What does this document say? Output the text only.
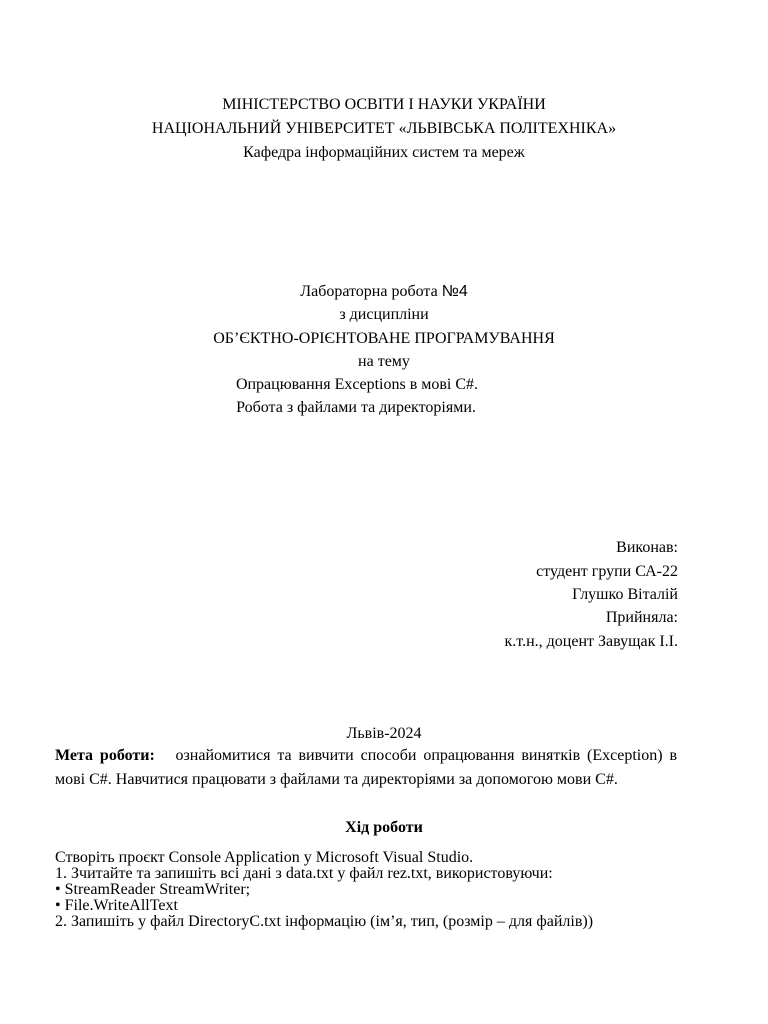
МІНІСТЕРСТВО ОСВІТИ І НАУКИ УКРАЇНИ
НАЦІОНАЛЬНИЙ УНІВЕРСИТЕТ «ЛЬВІВСЬКА ПОЛІТЕХНІКА»
Кафедра інформаційних систем та мереж
Лабораторна робота №4
з дисципліни
ОБ’ЄКТНО-ОРІЄНТОВАНЕ ПРОГРАМУВАННЯ
на тему
Опрацювання Exceptions в мові C#.
Робота з файлами та директоріями.
Виконав:
студент групи СА-22
Глушко Віталій
Прийняла:
к.т.н., доцент Завущак І.І.
Львів-2024
Мета роботи: ознайомитися та вивчити способи опрацювання винятків (Exception) в мові C#. Навчитися працювати з файлами та директоріями за допомогою мови C#.
Хід роботи
Створіть проєкт Console Application у Microsoft Visual Studio.
1. Зчитайте та запишіть всі дані з data.txt у файл rez.txt, використовуючи:
• StreamReader StreamWriter;
• File.WriteAllText
2. Запишіть у файл DirectoryC.txt інформацію (ім’я, тип, (розмір – для файлів))
